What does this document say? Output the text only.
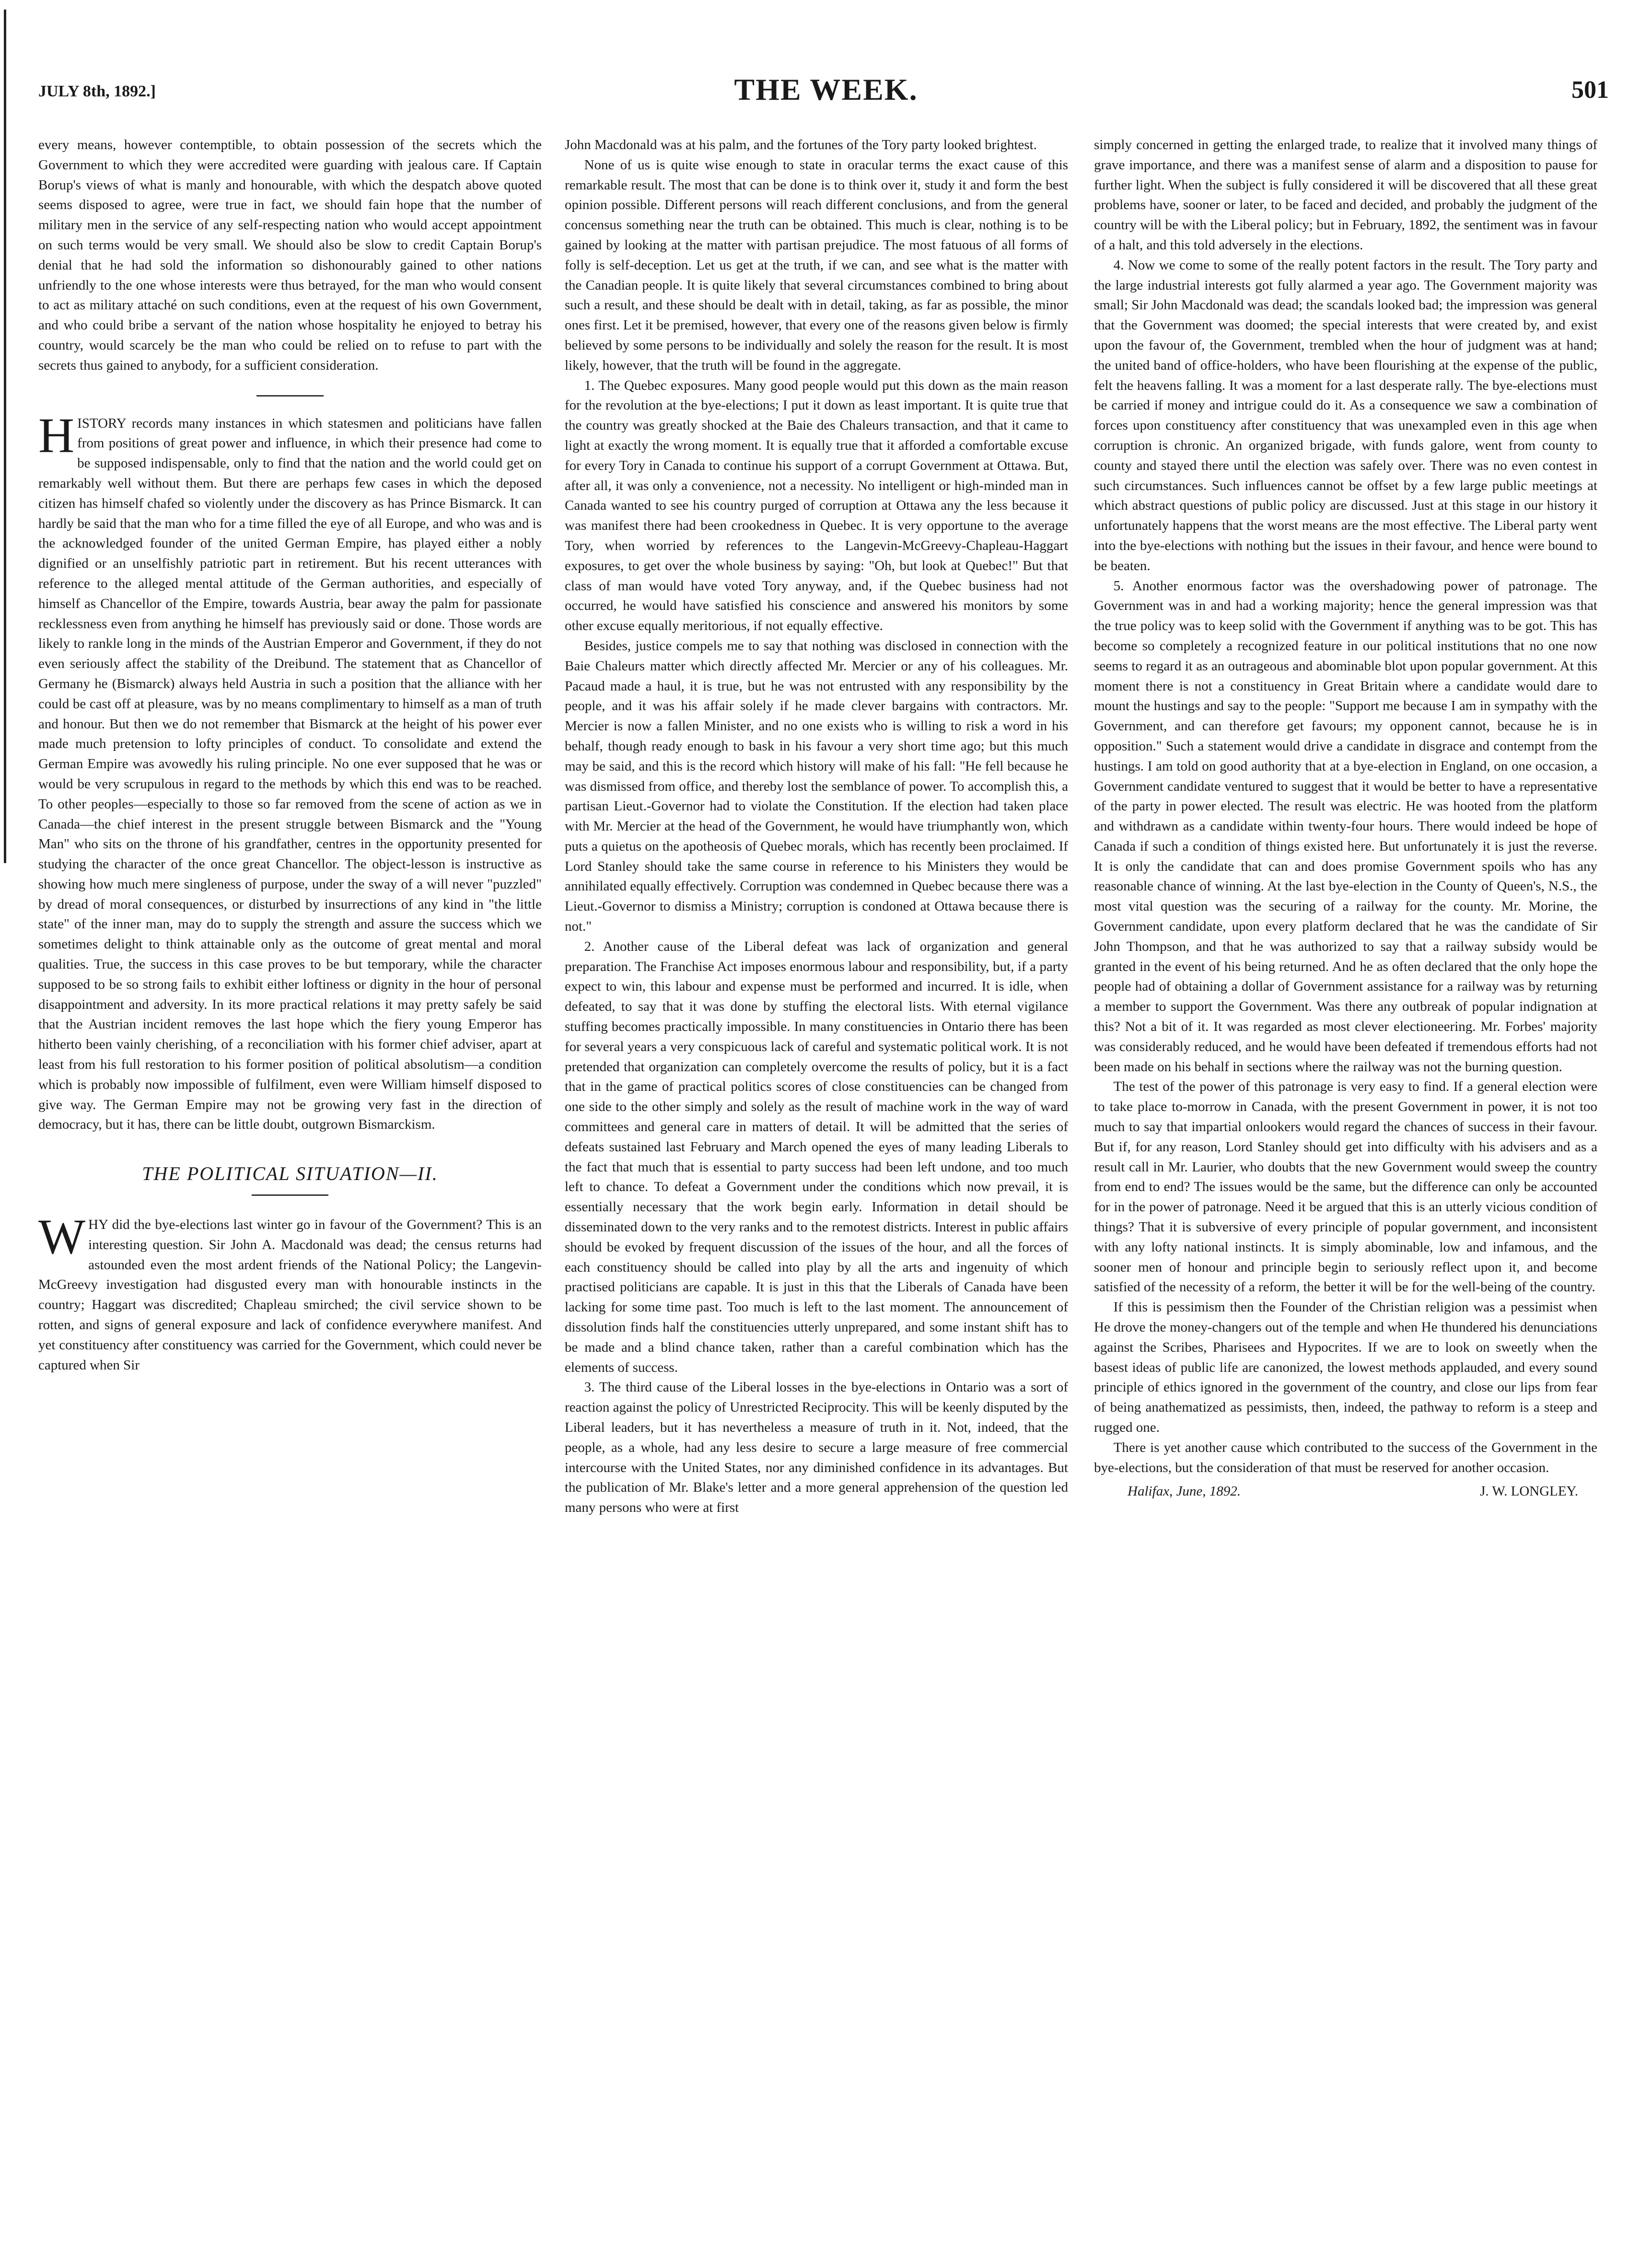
JULY 8th, 1892.]	THE WEEK.	501

every means, however contemptible, to obtain possession of the secrets which the Government to which they were accredited were guarding with jealous care. If Captain Borup's views of what is manly and honourable, with which the despatch above quoted seems disposed to agree, were true in fact, we should fain hope that the number of military men in the service of any self-respecting nation who would accept appointment on such terms would be very small. We should also be slow to credit Captain Borup's denial that he had sold the information so dishonourably gained to other nations unfriendly to the one whose interests were thus betrayed, for the man who would consent to act as military attaché on such conditions, even at the request of his own Government, and who could bribe a servant of the nation whose hospitality he enjoyed to betray his country, would scarcely be the man who could be relied on to refuse to part with the secrets thus gained to anybody, for a sufficient consideration.

HISTORY records many instances in which statesmen and politicians have fallen from positions of great power and influence, in which their presence had come to be supposed indispensable, only to find that the nation and the world could get on remarkably well without them. But there are perhaps few cases in which the deposed citizen has himself chafed so violently under the discovery as has Prince Bismarck. It can hardly be said that the man who for a time filled the eye of all Europe, and who was and is the acknowledged founder of the united German Empire, has played either a nobly dignified or an unselfishly patriotic part in retirement. But his recent utterances with reference to the alleged mental attitude of the German authorities, and especially of himself as Chancellor of the Empire, towards Austria, bear away the palm for passionate recklessness even from anything he himself has previously said or done. Those words are likely to rankle long in the minds of the Austrian Emperor and Government, if they do not even seriously affect the stability of the Dreibund. The statement that as Chancellor of Germany he (Bismarck) always held Austria in such a position that the alliance with her could be cast off at pleasure, was by no means complimentary to himself as a man of truth and honour. But then we do not remember that Bismarck at the height of his power ever made much pretension to lofty principles of conduct. To consolidate and extend the German Empire was avowedly his ruling principle. No one ever supposed that he was or would be very scrupulous in regard to the methods by which this end was to be reached. To other peoples—especially to those so far removed from the scene of action as we in Canada—the chief interest in the present struggle between Bismarck and the "Young Man" who sits on the throne of his grandfather, centres in the opportunity presented for studying the character of the once great Chancellor. The object-lesson is instructive as showing how much mere singleness of purpose, under the sway of a will never "puzzled" by dread of moral consequences, or disturbed by insurrections of any kind in "the little state" of the inner man, may do to supply the strength and assure the success which we sometimes delight to think attainable only as the outcome of great mental and moral qualities. True, the success in this case proves to be but temporary, while the character supposed to be so strong fails to exhibit either loftiness or dignity in the hour of personal disappointment and adversity. In its more practical relations it may pretty safely be said that the Austrian incident removes the last hope which the fiery young Emperor has hitherto been vainly cherishing, of a reconciliation with his former chief adviser, apart at least from his full restoration to his former position of political absolutism—a condition which is probably now impossible of fulfilment, even were William himself disposed to give way. The German Empire may not be growing very fast in the direction of democracy, but it has, there can be little doubt, outgrown Bismarckism.

THE POLITICAL SITUATION—II.

WHY did the bye-elections last winter go in favour of the Government? This is an interesting question. Sir John A. Macdonald was dead; the census returns had astounded even the most ardent friends of the National Policy; the Langevin-McGreevy investigation had disgusted every man with honourable instincts in the country; Haggart was discredited; Chapleau smirched; the civil service shown to be rotten, and signs of general exposure and lack of confidence everywhere manifest. And yet constituency after constituency was carried for the Government, which could never be captured when Sir

John Macdonald was at his palm, and the fortunes of the Tory party looked brightest.

None of us is quite wise enough to state in oracular terms the exact cause of this remarkable result. The most that can be done is to think over it, study it and form the best opinion possible. Different persons will reach different conclusions, and from the general concensus something near the truth can be obtained. This much is clear, nothing is to be gained by looking at the matter with partisan prejudice. The most fatuous of all forms of folly is self-deception. Let us get at the truth, if we can, and see what is the matter with the Canadian people. It is quite likely that several circumstances combined to bring about such a result, and these should be dealt with in detail, taking, as far as possible, the minor ones first. Let it be premised, however, that every one of the reasons given below is firmly believed by some persons to be individually and solely the reason for the result. It is most likely, however, that the truth will be found in the aggregate.

1. The Quebec exposures. Many good people would put this down as the main reason for the revolution at the bye-elections; I put it down as least important. It is quite true that the country was greatly shocked at the Baie des Chaleurs transaction, and that it came to light at exactly the wrong moment. It is equally true that it afforded a comfortable excuse for every Tory in Canada to continue his support of a corrupt Government at Ottawa. But, after all, it was only a convenience, not a necessity. No intelligent or high-minded man in Canada wanted to see his country purged of corruption at Ottawa any the less because it was manifest there had been crookedness in Quebec. It is very opportune to the average Tory, when worried by references to the Langevin-McGreevy-Chapleau-Haggart exposures, to get over the whole business by saying: "Oh, but look at Quebec!" But that class of man would have voted Tory anyway, and, if the Quebec business had not occurred, he would have satisfied his conscience and answered his monitors by some other excuse equally meritorious, if not equally effective.

Besides, justice compels me to say that nothing was disclosed in connection with the Baie Chaleurs matter which directly affected Mr. Mercier or any of his colleagues. Mr. Pacaud made a haul, it is true, but he was not entrusted with any responsibility by the people, and it was his affair solely if he made clever bargains with contractors. Mr. Mercier is now a fallen Minister, and no one exists who is willing to risk a word in his behalf, though ready enough to bask in his favour a very short time ago; but this much may be said, and this is the record which history will make of his fall: "He fell because he was dismissed from office, and thereby lost the semblance of power. To accomplish this, a partisan Lieut.-Governor had to violate the Constitution. If the election had taken place with Mr. Mercier at the head of the Government, he would have triumphantly won, which puts a quietus on the apotheosis of Quebec morals, which has recently been proclaimed. If Lord Stanley should take the same course in reference to his Ministers they would be annihilated equally effectively. Corruption was condemned in Quebec because there was a Lieut.-Governor to dismiss a Ministry; corruption is condoned at Ottawa because there is not."

2. Another cause of the Liberal defeat was lack of organization and general preparation. The Franchise Act imposes enormous labour and responsibility, but, if a party expect to win, this labour and expense must be performed and incurred. It is idle, when defeated, to say that it was done by stuffing the electoral lists. With eternal vigilance stuffing becomes practically impossible. In many constituencies in Ontario there has been for several years a very conspicuous lack of careful and systematic political work. It is not pretended that organization can completely overcome the results of policy, but it is a fact that in the game of practical politics scores of close constituencies can be changed from one side to the other simply and solely as the result of machine work in the way of ward committees and general care in matters of detail. It will be admitted that the series of defeats sustained last February and March opened the eyes of many leading Liberals to the fact that much that is essential to party success had been left undone, and too much left to chance. To defeat a Government under the conditions which now prevail, it is essentially necessary that the work begin early. Information in detail should be disseminated down to the very ranks and to the remotest districts. Interest in public affairs should be evoked by frequent discussion of the issues of the hour, and all the forces of each constituency should be called into play by all the arts and ingenuity of which practised politicians are capable. It is just in this that the Liberals of Canada have been lacking for some time past. Too much is left to the last moment. The announcement of dissolution finds half the constituencies utterly unprepared, and some instant shift has to be made and a blind chance taken, rather than a careful combination which has the elements of success.

3. The third cause of the Liberal losses in the bye-elections in Ontario was a sort of reaction against the policy of Unrestricted Reciprocity. This will be keenly disputed by the Liberal leaders, but it has nevertheless a measure of truth in it. Not, indeed, that the people, as a whole, had any less desire to secure a large measure of free commercial intercourse with the United States, nor any diminished confidence in its advantages. But the publication of Mr. Blake's letter and a more general apprehension of the question led many persons who were at first

simply concerned in getting the enlarged trade, to realize that it involved many things of grave importance, and there was a manifest sense of alarm and a disposition to pause for further light. When the subject is fully considered it will be discovered that all these great problems have, sooner or later, to be faced and decided, and probably the judgment of the country will be with the Liberal policy; but in February, 1892, the sentiment was in favour of a halt, and this told adversely in the elections.

4. Now we come to some of the really potent factors in the result. The Tory party and the large industrial interests got fully alarmed a year ago. The Government majority was small; Sir John Macdonald was dead; the scandals looked bad; the impression was general that the Government was doomed; the special interests that were created by, and exist upon the favour of, the Government, trembled when the hour of judgment was at hand; the united band of office-holders, who have been flourishing at the expense of the public, felt the heavens falling. It was a moment for a last desperate rally. The bye-elections must be carried if money and intrigue could do it. As a consequence we saw a combination of forces upon constituency after constituency that was unexampled even in this age when corruption is chronic. An organized brigade, with funds galore, went from county to county and stayed there until the election was safely over. There was no even contest in such circumstances. Such influences cannot be offset by a few large public meetings at which abstract questions of public policy are discussed. Just at this stage in our history it unfortunately happens that the worst means are the most effective. The Liberal party went into the bye-elections with nothing but the issues in their favour, and hence were bound to be beaten.

5. Another enormous factor was the overshadowing power of patronage. The Government was in and had a working majority; hence the general impression was that the true policy was to keep solid with the Government if anything was to be got. This has become so completely a recognized feature in our political institutions that no one now seems to regard it as an outrageous and abominable blot upon popular government. At this moment there is not a constituency in Great Britain where a candidate would dare to mount the hustings and say to the people: "Support me because I am in sympathy with the Government, and can therefore get favours; my opponent cannot, because he is in opposition." Such a statement would drive a candidate in disgrace and contempt from the hustings. I am told on good authority that at a bye-election in England, on one occasion, a Government candidate ventured to suggest that it would be better to have a representative of the party in power elected. The result was electric. He was hooted from the platform and withdrawn as a candidate within twenty-four hours. There would indeed be hope of Canada if such a condition of things existed here. But unfortunately it is just the reverse. It is only the candidate that can and does promise Government spoils who has any reasonable chance of winning. At the last bye-election in the County of Queen's, N.S., the most vital question was the securing of a railway for the county. Mr. Morine, the Government candidate, upon every platform declared that he was the candidate of Sir John Thompson, and that he was authorized to say that a railway subsidy would be granted in the event of his being returned. And he as often declared that the only hope the people had of obtaining a dollar of Government assistance for a railway was by returning a member to support the Government. Was there any outbreak of popular indignation at this? Not a bit of it. It was regarded as most clever electioneering. Mr. Forbes' majority was considerably reduced, and he would have been defeated if tremendous efforts had not been made on his behalf in sections where the railway was not the burning question.

The test of the power of this patronage is very easy to find. If a general election were to take place to-morrow in Canada, with the present Government in power, it is not too much to say that impartial onlookers would regard the chances of success in their favour. But if, for any reason, Lord Stanley should get into difficulty with his advisers and as a result call in Mr. Laurier, who doubts that the new Government would sweep the country from end to end? The issues would be the same, but the difference can only be accounted for in the power of patronage. Need it be argued that this is an utterly vicious condition of things? That it is subversive of every principle of popular government, and inconsistent with any lofty national instincts. It is simply abominable, low and infamous, and the sooner men of honour and principle begin to seriously reflect upon it, and become satisfied of the necessity of a reform, the better it will be for the well-being of the country.

If this is pessimism then the Founder of the Christian religion was a pessimist when He drove the money-changers out of the temple and when He thundered his denunciations against the Scribes, Pharisees and Hypocrites. If we are to look on sweetly when the basest ideas of public life are canonized, the lowest methods applauded, and every sound principle of ethics ignored in the government of the country, and close our lips from fear of being anathematized as pessimists, then, indeed, the pathway to reform is a steep and rugged one.

There is yet another cause which contributed to the success of the Government in the bye-elections, but the consideration of that must be reserved for another occasion.

Halifax, June, 1892.	J. W. LONGLEY.
